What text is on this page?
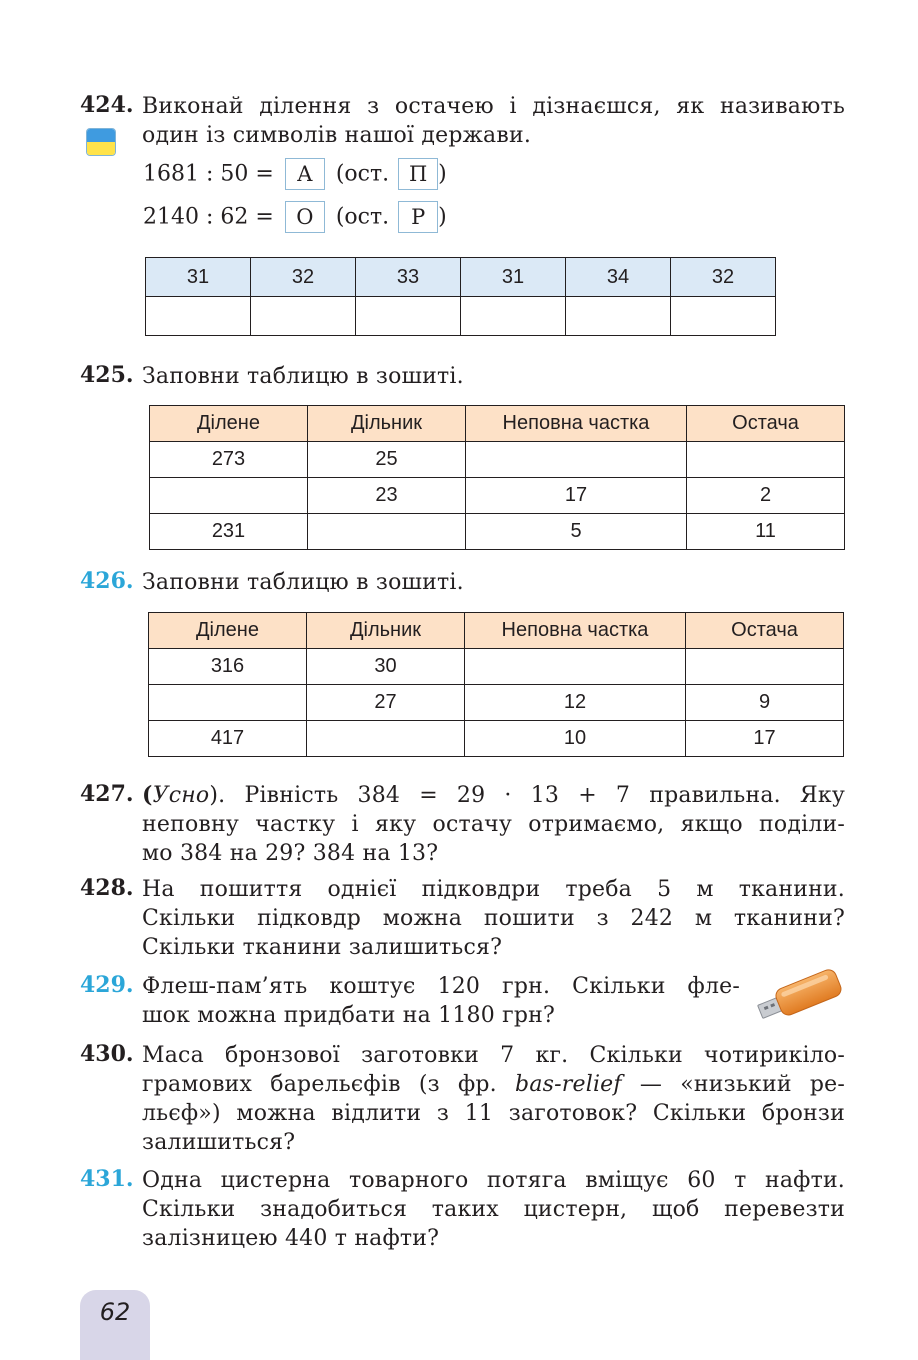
424. Виконай ділення з остачею і дізнаєшся, як називають
один із символів нашої держави.
1681 : 50 = А (ост. П )
2140 : 62 = О (ост. Р )
31	32	33	31	34	32

425. Заповни таблицю в зошиті.
Ділене	Дільник	Неповна частка	Остача
273	25		
	23	17	2
231		5	11
426. Заповни таблицю в зошиті.
Ділене	Дільник	Неповна частка	Остача
316	30		
	27	12	9
417		10	17
427. (Усно). Рівність 384 = 29 · 13 + 7 правильна. Яку
неповну частку і яку остачу отримаємо, якщо поділи-
мо 384 на 29? 384 на 13?
428. На пошиття однієї підковдри треба 5 м тканини.
Скільки підковдр можна пошити з 242 м тканини?
Скільки тканини залишиться?
429. Флеш-пам’ять коштує 120 грн. Скільки фле-
шок можна придбати на 1180 грн?
430. Маса бронзової заготовки 7 кг. Скільки чотирикіло-
грамових барельєфів (з фр. bas-relief — «низький ре-
льєф») можна відлити з 11 заготовок? Скільки бронзи
залишиться?
431. Одна цистерна товарного потяга вміщує 60 т нафти.
Скільки знадобиться таких цистерн, щоб перевезти
залізницею 440 т нафти?
62
